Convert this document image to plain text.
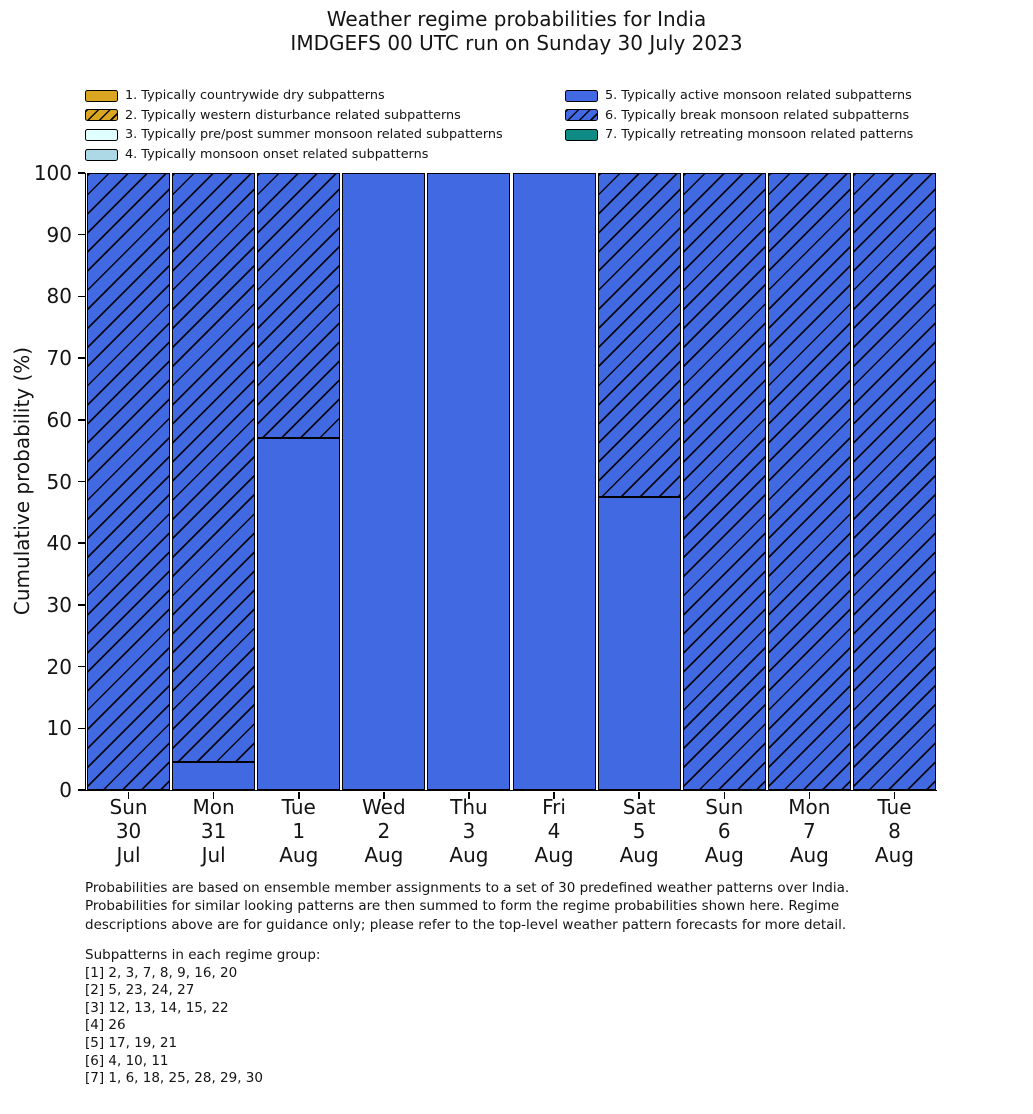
Weather regime probabilities for India
IMDGEFS 00 UTC run on Sunday 30 July 2023
1. Typically countrywide dry subpatterns
2. Typically western disturbance related subpatterns
3. Typically pre/post summer monsoon related subpatterns
4. Typically monsoon onset related subpatterns
5. Typically active monsoon related subpatterns
6. Typically break monsoon related subpatterns
7. Typically retreating monsoon related patterns
Cumulative probability (%)
0
10
20
30
40
50
60
70
80
90
100
Sun
30
Jul
Mon
31
Jul
Tue
1
Aug
Wed
2
Aug
Thu
3
Aug
Fri
4
Aug
Sat
5
Aug
Sun
6
Aug
Mon
7
Aug
Tue
8
Aug
Probabilities are based on ensemble member assignments to a set of 30 predefined weather patterns over India.
Probabilities for similar looking patterns are then summed to form the regime probabilities shown here. Regime
descriptions above are for guidance only; please refer to the top-level weather pattern forecasts for more detail.
Subpatterns in each regime group:
[1] 2, 3, 7, 8, 9, 16, 20
[2] 5, 23, 24, 27
[3] 12, 13, 14, 15, 22
[4] 26
[5] 17, 19, 21
[6] 4, 10, 11
[7] 1, 6, 18, 25, 28, 29, 30
